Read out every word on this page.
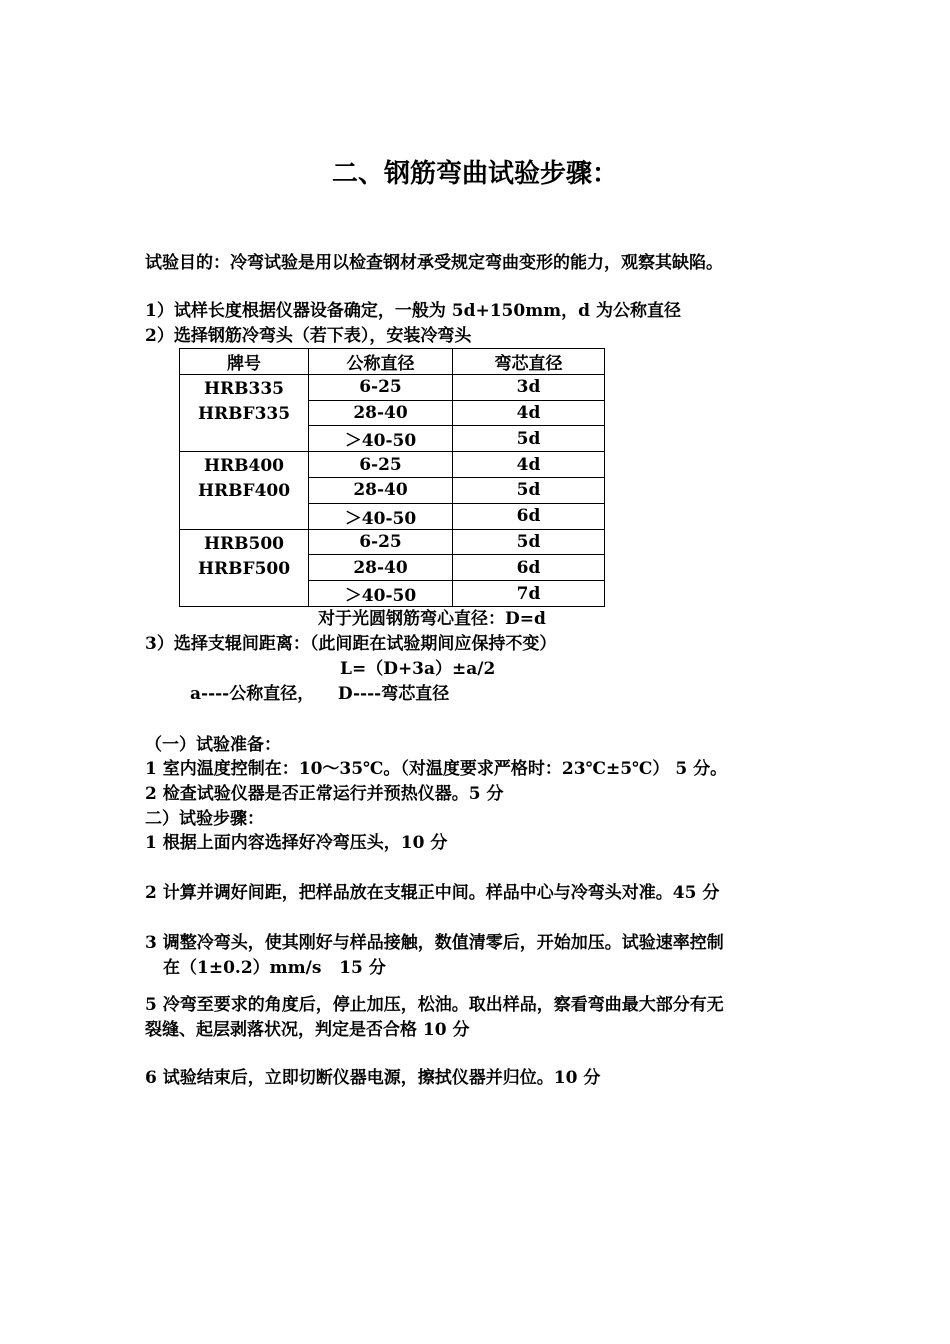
二、钢筋弯曲试验步骤：
试验目的：冷弯试验是用以检查钢材承受规定弯曲变形的能力，观察其缺陷。
1）试样长度根据仪器设备确定，一般为 5d+150mm，d 为公称直径
2）选择钢筋冷弯头（若下表），安装冷弯头
牌号	公称直径	弯芯直径

HRB335
HRBF335	6-25	3d
	28-40	4d
	＞40-50	5d

HRB400
HRBF400	6-25	4d
	28-40	5d
	＞40-50	6d

HRB500
HRBF500	6-25	5d
	28-40	6d
	＞40-50	7d
对于光圆钢筋弯心直径：D=d
3）选择支辊间距离：（此间距在试验期间应保持不变）
L=（D+3a）±a/2
a----公称直径，    D----弯芯直径
（一）试验准备：
1 室内温度控制在：10～35℃。（对温度要求严格时：23℃±5℃） 5 分。
2 检查试验仪器是否正常运行并预热仪器。5 分
二）试验步骤：
1 根据上面内容选择好冷弯压头，10 分
2 计算并调好间距，把样品放在支辊正中间。样品中心与冷弯头对准。45 分
3 调整冷弯头，使其刚好与样品接触，数值清零后，开始加压。试验速率控制
在（1±0.2）mm/s   15 分
5 冷弯至要求的角度后，停止加压，松油。取出样品，察看弯曲最大部分有无
裂缝、起层剥落状况，判定是否合格 10 分
6 试验结束后，立即切断仪器电源，擦拭仪器并归位。10 分
